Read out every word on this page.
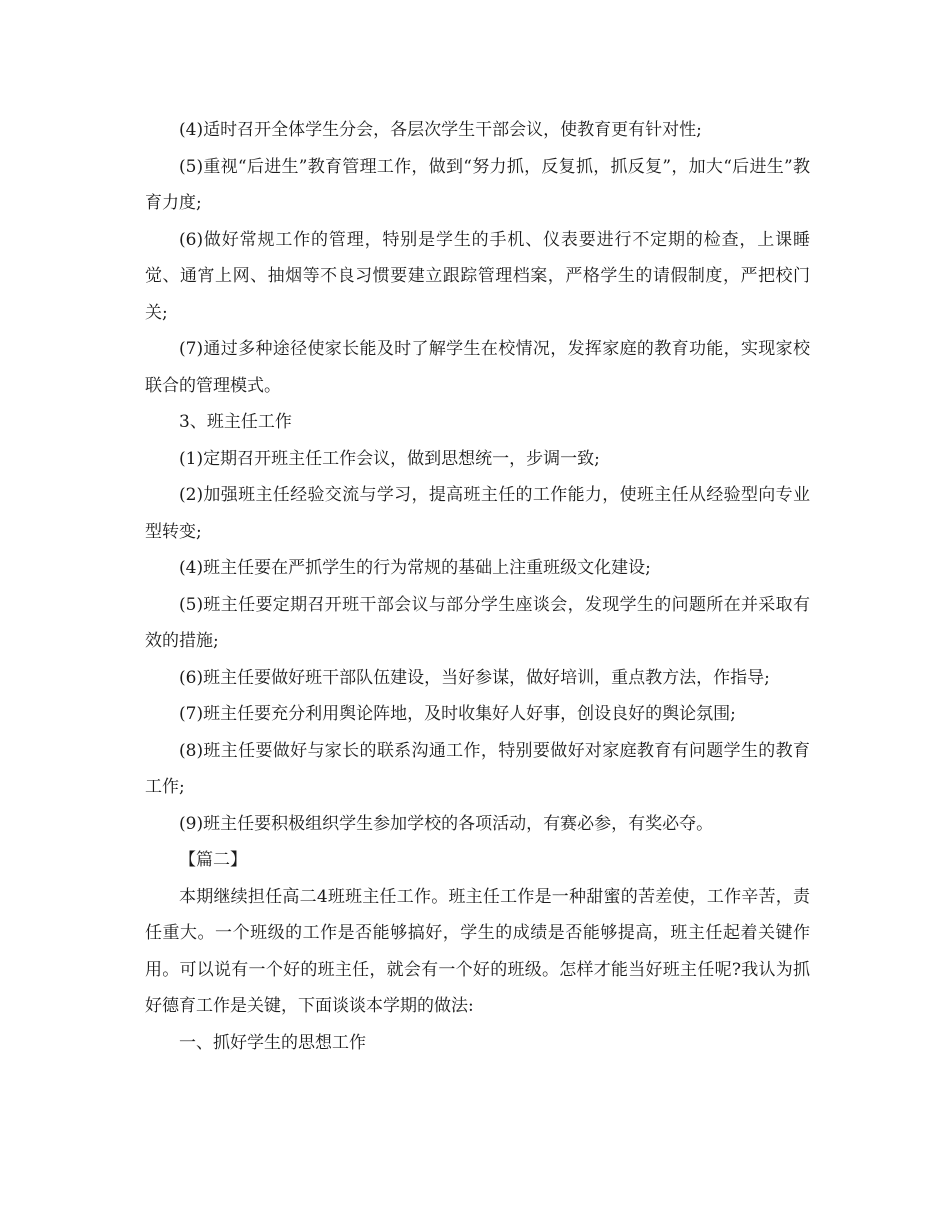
(4)适时召开全体学生分会，各层次学生干部会议，使教育更有针对性;

(5)重视“后进生”教育管理工作，做到“努力抓，反复抓，抓反复”，加大“后进生”教育力度;

(6)做好常规工作的管理，特别是学生的手机、仪表要进行不定期的检查，上课睡觉、通宵上网、抽烟等不良习惯要建立跟踪管理档案，严格学生的请假制度，严把校门关;

(7)通过多种途径使家长能及时了解学生在校情况，发挥家庭的教育功能，实现家校联合的管理模式。

3、班主任工作

(1)定期召开班主任工作会议，做到思想统一，步调一致;

(2)加强班主任经验交流与学习，提高班主任的工作能力，使班主任从经验型向专业型转变;

(4)班主任要在严抓学生的行为常规的基础上注重班级文化建设;

(5)班主任要定期召开班干部会议与部分学生座谈会，发现学生的问题所在并采取有效的措施;

(6)班主任要做好班干部队伍建设，当好参谋，做好培训，重点教方法，作指导;

(7)班主任要充分利用舆论阵地，及时收集好人好事，创设良好的舆论氛围;

(8)班主任要做好与家长的联系沟通工作，特别要做好对家庭教育有问题学生的教育工作;

(9)班主任要积极组织学生参加学校的各项活动，有赛必参，有奖必夺。

【篇二】

本期继续担任高二4班班主任工作。班主任工作是一种甜蜜的苦差使，工作辛苦，责任重大。一个班级的工作是否能够搞好，学生的成绩是否能够提高，班主任起着关键作用。可以说有一个好的班主任，就会有一个好的班级。怎样才能当好班主任呢?我认为抓好德育工作是关键，下面谈谈本学期的做法:

一、抓好学生的思想工作
